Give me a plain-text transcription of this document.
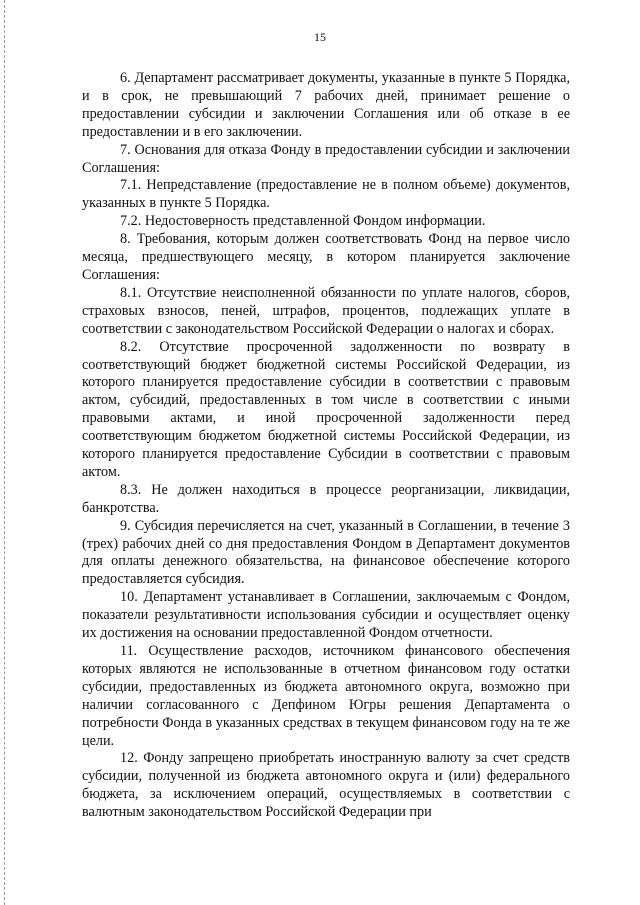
15

6. Департамент рассматривает документы, указанные в пункте 5 Порядка, и в срок, не превышающий 7 рабочих дней, принимает решение о предоставлении субсидии и заключении Соглашения или об отказе в ее предоставлении и в его заключении.

7. Основания для отказа Фонду в предоставлении субсидии и заключении Соглашения:

7.1. Непредставление (предоставление не в полном объеме) документов, указанных в пункте 5 Порядка.

7.2. Недостоверность представленной Фондом информации.

8. Требования, которым должен соответствовать Фонд на первое число месяца, предшествующего месяцу, в котором планируется заключение Соглашения:

8.1. Отсутствие неисполненной обязанности по уплате налогов, сборов, страховых взносов, пеней, штрафов, процентов, подлежащих уплате в соответствии с законодательством Российской Федерации о налогах и сборах.

8.2. Отсутствие просроченной задолженности по возврату в соответствующий бюджет бюджетной системы Российской Федерации, из которого планируется предоставление субсидии в соответствии с правовым актом, субсидий, предоставленных в том числе в соответствии с иными правовыми актами, и иной просроченной задолженности перед соответствующим бюджетом бюджетной системы Российской Федерации, из которого планируется предоставление Субсидии в соответствии с правовым актом.

8.3. Не должен находиться в процессе реорганизации, ликвидации, банкротства.

9. Субсидия перечисляется на счет, указанный в Соглашении, в течение 3 (трех) рабочих дней со дня предоставления Фондом в Департамент документов для оплаты денежного обязательства, на финансовое обеспечение которого предоставляется субсидия.

10. Департамент устанавливает в Соглашении, заключаемым с Фондом, показатели результативности использования субсидии и осуществляет оценку их достижения на основании предоставленной Фондом отчетности.

11. Осуществление расходов, источником финансового обеспечения которых являются не использованные в отчетном финансовом году остатки субсидии, предоставленных из бюджета автономного округа, возможно при наличии согласованного с Депфином Югры решения Департамента о потребности Фонда в указанных средствах в текущем финансовом году на те же цели.

12. Фонду запрещено приобретать иностранную валюту за счет средств субсидии, полученной из бюджета автономного округа и (или) федерального бюджета, за исключением операций, осуществляемых в соответствии с валютным законодательством Российской Федерации при
